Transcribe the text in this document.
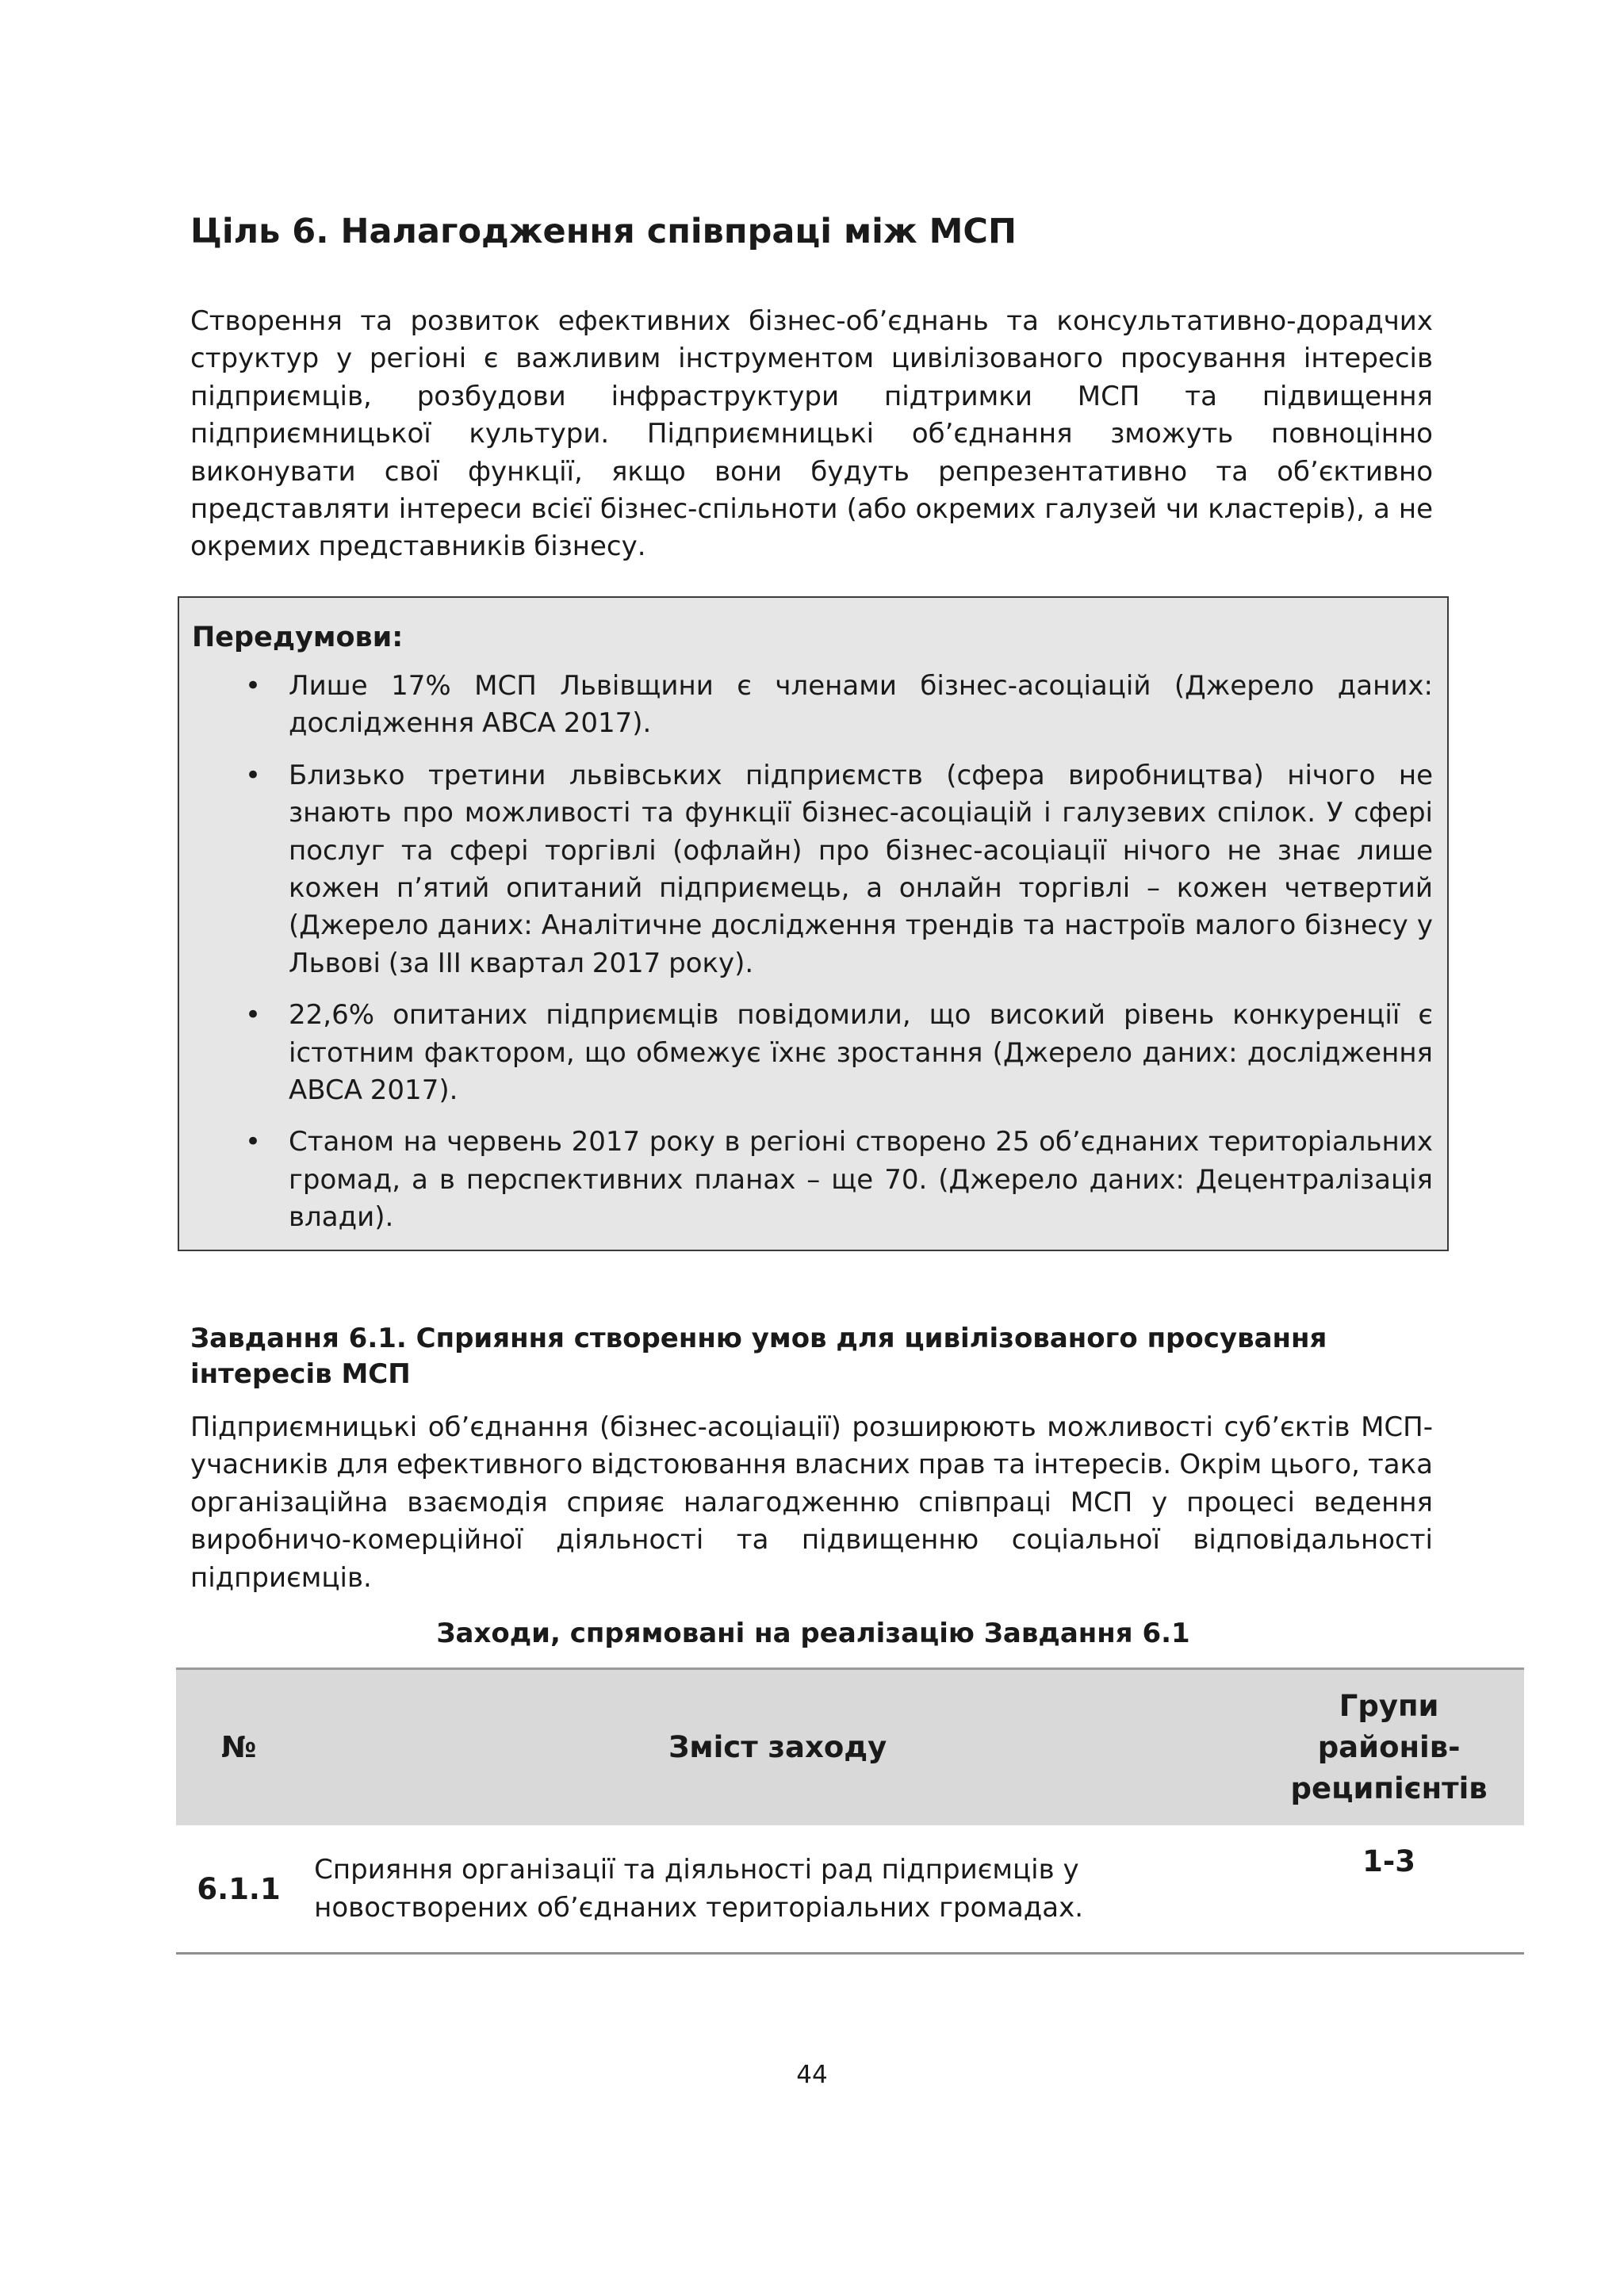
Ціль 6. Налагодження співпраці між МСП

Створення та розвиток ефективних бізнес-об’єднань та консультативно-дорадчих структур у регіоні є важливим інструментом цивілізованого просування інтересів підприємців, розбудови інфраструктури підтримки МСП та підвищення підприємницької культури. Підприємницькі об’єднання зможуть повноцінно виконувати свої функції, якщо вони будуть репрезентативно та об’єктивно представляти інтереси всієї бізнес-спільноти (або окремих галузей чи кластерів), а не окремих представників бізнесу.

Передумови:
• Лише 17% МСП Львівщини є членами бізнес-асоціацій (Джерело даних: дослідження ABCA 2017).
• Близько третини львівських підприємств (сфера виробництва) нічого не знають про можливості та функції бізнес-асоціацій і галузевих спілок. У сфері послуг та сфері торгівлі (офлайн) про бізнес-асоціації нічого не знає лише кожен п’ятий опитаний підприємець, а онлайн торгівлі – кожен четвертий (Джерело даних: Аналітичне дослідження трендів та настроїв малого бізнесу у Львові (за III квартал 2017 року).
• 22,6% опитаних підприємців повідомили, що високий рівень конкуренції є істотним фактором, що обмежує їхнє зростання (Джерело даних: дослідження ABCA 2017).
• Станом на червень 2017 року в регіоні створено 25 об’єднаних територіальних громад, а в перспективних планах – ще 70. (Джерело даних: Децентралізація влади).
Завдання 6.1. Сприяння створенню умов для цивілізованого просування інтересів МСП

Підприємницькі об’єднання (бізнес-асоціації) розширюють можливості суб’єктів МСП-учасників для ефективного відстоювання власних прав та інтересів. Окрім цього, така організаційна взаємодія сприяє налагодженню співпраці МСП у процесі ведення виробничо-комерційної діяльності та підвищенню соціальної відповідальності підприємців.

Заходи, спрямовані на реалізацію Завдання 6.1

№	Зміст заходу	Групи
районів-
реципієнтів
6.1.1	Сприяння організації та діяльності рад підприємців у новостворених об’єднаних територіальних громадах.	1-3

44
